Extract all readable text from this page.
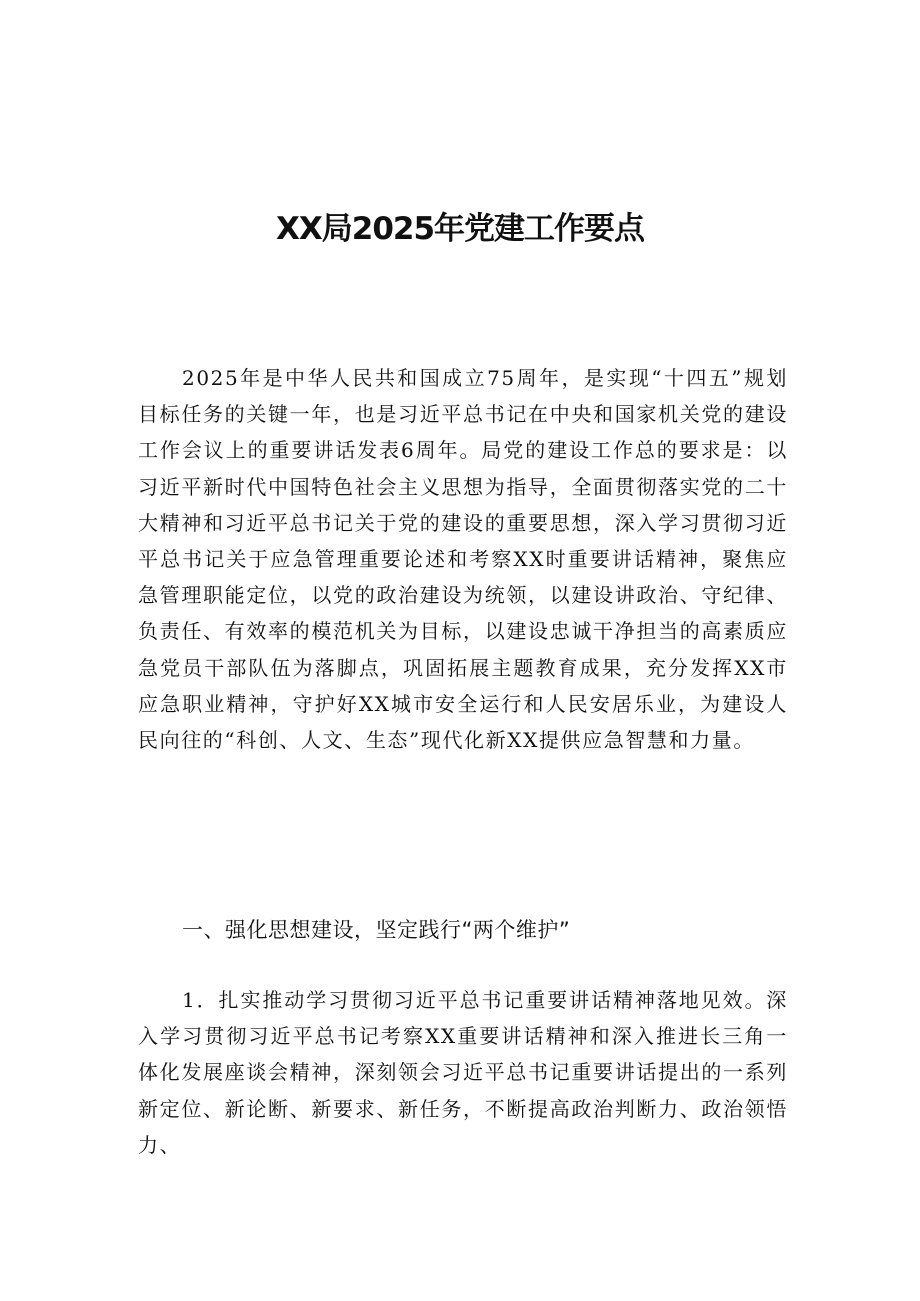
XX局2025年党建工作要点

2025年是中华人民共和国成立75周年，是实现“十四五”规划目标任务的关键一年，也是习近平总书记在中央和国家机关党的建设工作会议上的重要讲话发表6周年。局党的建设工作总的要求是：以习近平新时代中国特色社会主义思想为指导，全面贯彻落实党的二十大精神和习近平总书记关于党的建设的重要思想，深入学习贯彻习近平总书记关于应急管理重要论述和考察XX时重要讲话精神，聚焦应急管理职能定位，以党的政治建设为统领，以建设讲政治、守纪律、负责任、有效率的模范机关为目标，以建设忠诚干净担当的高素质应急党员干部队伍为落脚点，巩固拓展主题教育成果，充分发挥XX市应急职业精神，守护好XX城市安全运行和人民安居乐业，为建设人民向往的“科创、人文、生态”现代化新XX提供应急智慧和力量。

一、强化思想建设，坚定践行“两个维护”

1．扎实推动学习贯彻习近平总书记重要讲话精神落地见效。深入学习贯彻习近平总书记考察XX重要讲话精神和深入推进长三角一体化发展座谈会精神，深刻领会习近平总书记重要讲话提出的一系列新定位、新论断、新要求、新任务，不断提高政治判断力、政治领悟力、
